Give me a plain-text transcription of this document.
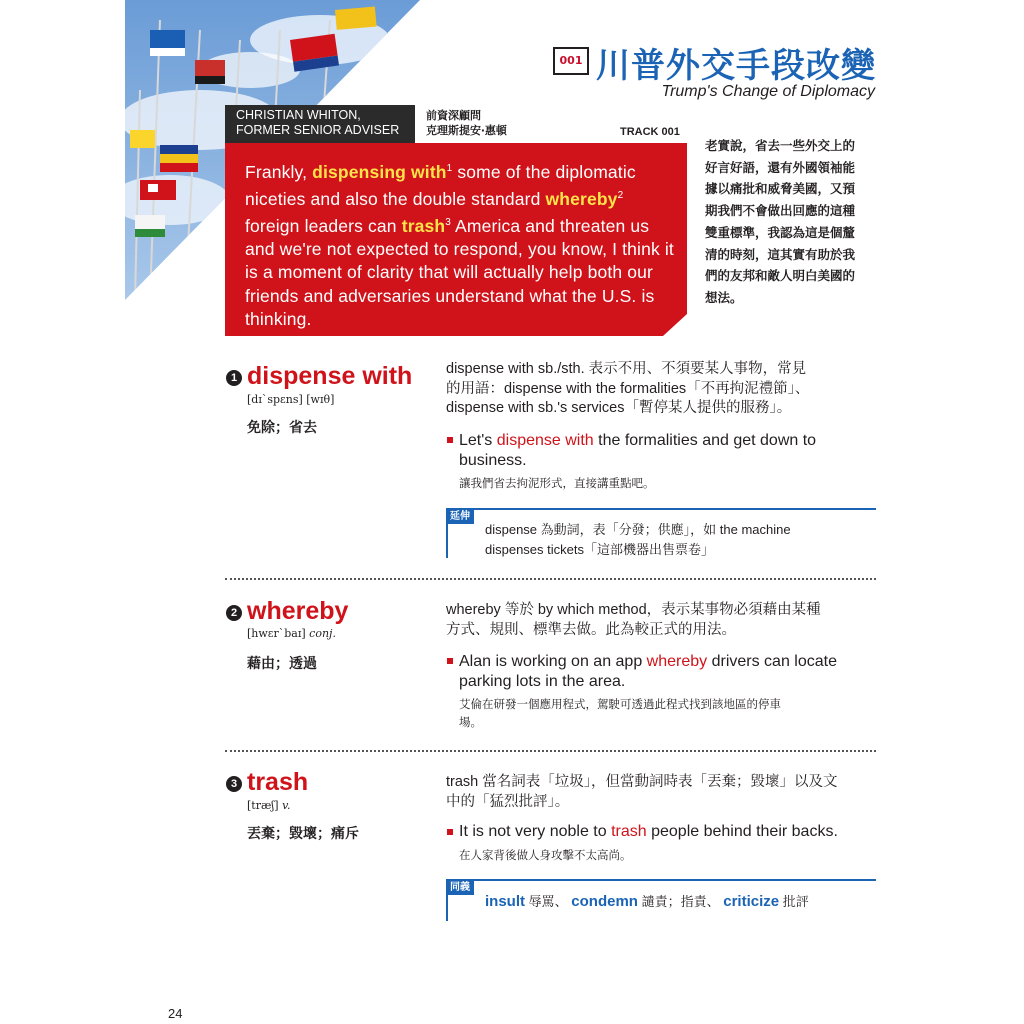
001 川普外交手段改變
Trump's Change of Diplomacy
CHRISTIAN WHITON,
FORMER SENIOR ADVISER
前資深顧問
克理斯提安‧惠頓	TRACK 001
Frankly, dispensing with$^1$ some of the diplomatic niceties and also the double standard whereby$^2$ foreign leaders can trash$^3$ America and threaten us and we're not expected to respond, you know, I think it is a moment of clarity that will actually help both our friends and adversaries understand what the U.S. is thinking.
老實說，省去一些外交上的
好言好語，還有外國領袖能
據以痛批和威脅美國，又預
期我們不會做出回應的這種
雙重標準，我認為這是個釐
清的時刻，這其實有助於我
們的友邦和敵人明白美國的
想法。
1 dispense with
[dɪˋspɛns] [wɪθ]
免除；省去
dispense with sb./sth. 表示不用、不須要某人事物，常見
的用語：dispense with the formalities「不再拘泥禮節」、
dispense with sb.'s services「暫停某人提供的服務」。
Let's dispense with the formalities and get down to
business.
讓我們省去拘泥形式，直接講重點吧。
延伸
dispense 為動詞，表「分發；供應」，如 the machine
dispenses tickets「這部機器出售票卷」
2 whereby
[hwɛrˋbaɪ] conj.
藉由；透過
whereby 等於 by which method，表示某事物必須藉由某種
方式、規則、標準去做。此為較正式的用法。
Alan is working on an app whereby drivers can locate
parking lots in the area.
艾倫在研發一個應用程式，駕駛可透過此程式找到該地區的停車
場。
3 trash
[træʃ] v.
丟棄；毀壞；痛斥
trash 當名詞表「垃圾」，但當動詞時表「丟棄；毀壞」以及文
中的「猛烈批評」。
It is not very noble to trash people behind their backs.
在人家背後做人身攻擊不太高尚。
同義
insult 辱罵、 condemn 譴責；指責、 criticize 批評
24
